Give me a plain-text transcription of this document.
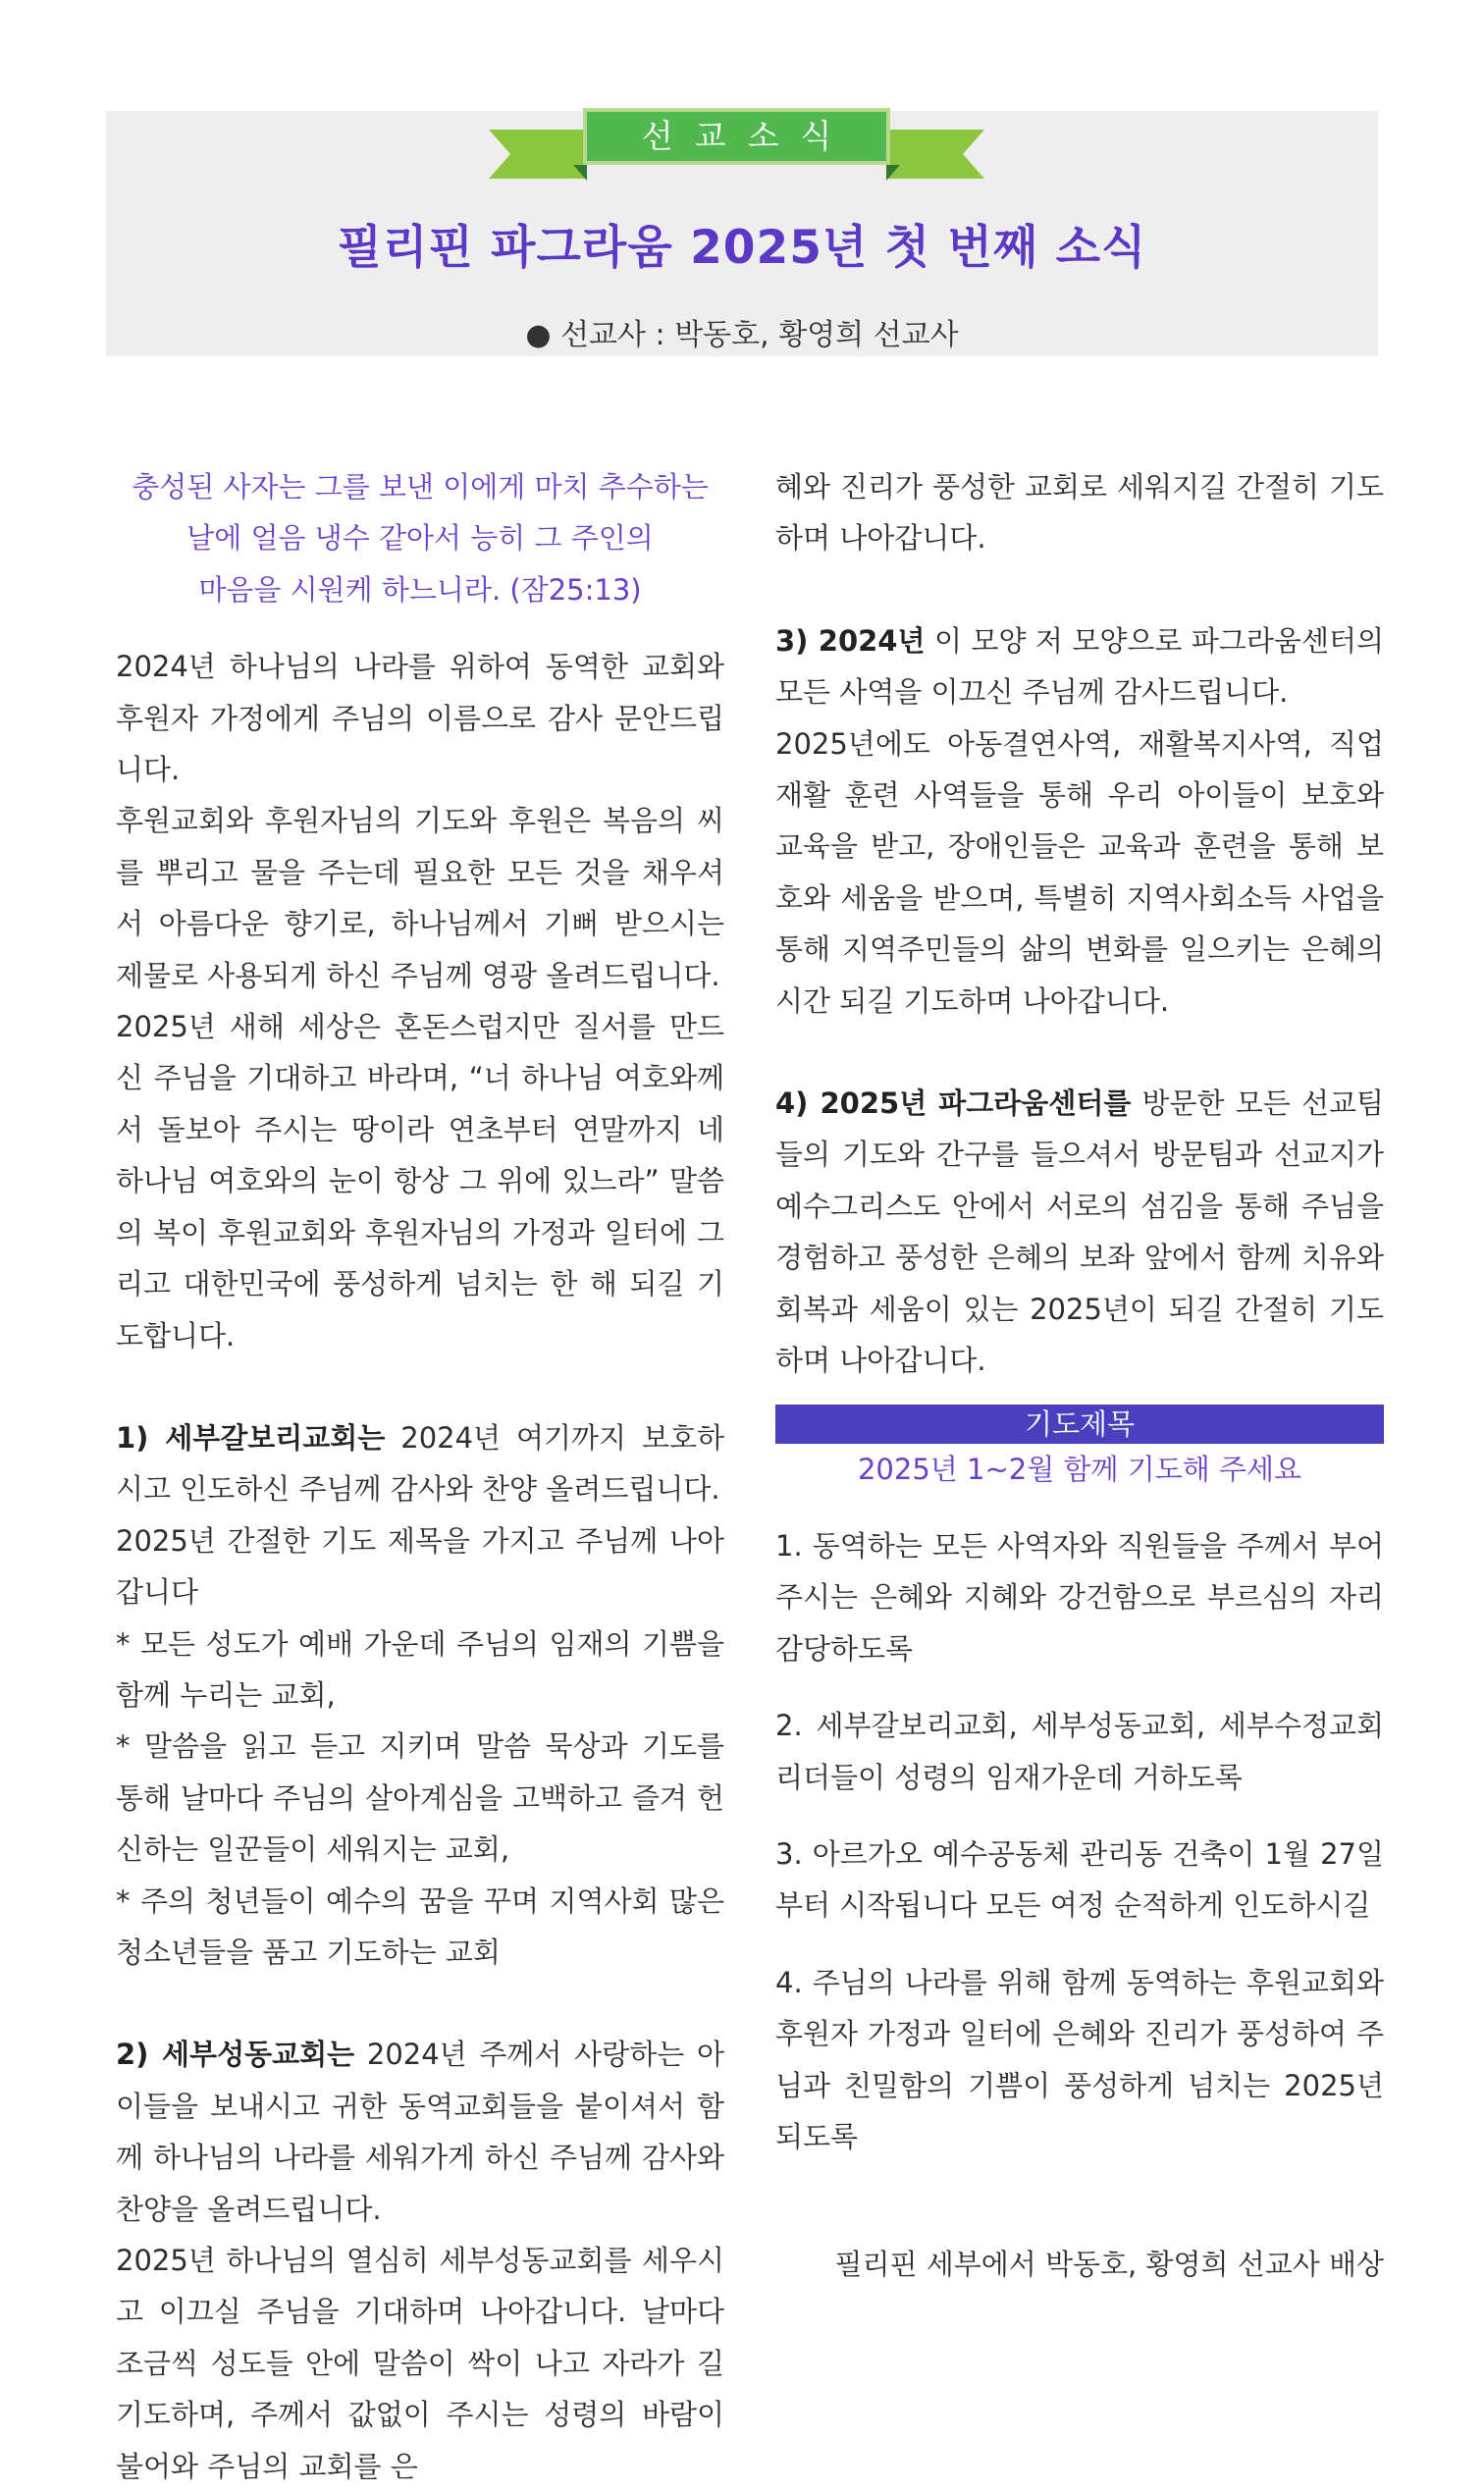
선교소식
필리핀 파그라움 2025년 첫 번째 소식
● 선교사 : 박동호, 황영희 선교사

충성된 사자는 그를 보낸 이에게 마치 추수하는
날에 얼음 냉수 같아서 능히 그 주인의
마음을 시원케 하느니라. (잠25:13)

2024년 하나님의 나라를 위하여 동역한 교회와 후원자 가정에게 주님의 이름으로 감사 문안드립니다.
후원교회와 후원자님의 기도와 후원은 복음의 씨를 뿌리고 물을 주는데 필요한 모든 것을 채우셔서 아름다운 향기로, 하나님께서 기뻐 받으시는 제물로 사용되게 하신 주님께 영광 올려드립니다.
2025년 새해 세상은 혼돈스럽지만 질서를 만드신 주님을 기대하고 바라며, “너 하나님 여호와께서 돌보아 주시는 땅이라 연초부터 연말까지 네 하나님 여호와의 눈이 항상 그 위에 있느라” 말씀의 복이 후원교회와 후원자님의 가정과 일터에 그리고 대한민국에 풍성하게 넘치는 한 해 되길 기도합니다.

1) 세부갈보리교회는 2024년 여기까지 보호하시고 인도하신 주님께 감사와 찬양 올려드립니다.
2025년 간절한 기도 제목을 가지고 주님께 나아갑니다
* 모든 성도가 예배 가운데 주님의 임재의 기쁨을 함께 누리는 교회,
* 말씀을 읽고 듣고 지키며 말씀 묵상과 기도를 통해 날마다 주님의 살아계심을 고백하고 즐겨 헌신하는 일꾼들이 세워지는 교회,
* 주의 청년들이 예수의 꿈을 꾸며 지역사회 많은 청소년들을 품고 기도하는 교회

2) 세부성동교회는 2024년 주께서 사랑하는 아이들을 보내시고 귀한 동역교회들을 붙이셔서 함께 하나님의 나라를 세워가게 하신 주님께 감사와 찬양을 올려드립니다.
2025년 하나님의 열심히 세부성동교회를 세우시고 이끄실 주님을 기대하며 나아갑니다. 날마다 조금씩 성도들 안에 말씀이 싹이 나고 자라가 길 기도하며, 주께서 값없이 주시는 성령의 바람이 불어와 주님의 교회를 은

혜와 진리가 풍성한 교회로 세워지길 간절히 기도하며 나아갑니다.

3) 2024년 이 모양 저 모양으로 파그라움센터의 모든 사역을 이끄신 주님께 감사드립니다.
2025년에도 아동결연사역, 재활복지사역, 직업재활 훈련 사역들을 통해 우리 아이들이 보호와 교육을 받고, 장애인들은 교육과 훈련을 통해 보호와 세움을 받으며, 특별히 지역사회소득 사업을 통해 지역주민들의 삶의 변화를 일으키는 은혜의 시간 되길 기도하며 나아갑니다.

4) 2025년 파그라움센터를 방문한 모든 선교팀들의 기도와 간구를 들으셔서 방문팀과 선교지가 예수그리스도 안에서 서로의 섬김을 통해 주님을 경험하고 풍성한 은혜의 보좌 앞에서 함께 치유와 회복과 세움이 있는 2025년이 되길 간절히 기도하며 나아갑니다.

기도제목

2025년 1~2월 함께 기도해 주세요

1. 동역하는 모든 사역자와 직원들을 주께서 부어주시는 은혜와 지혜와 강건함으로 부르심의 자리감당하도록

2. 세부갈보리교회, 세부성동교회, 세부수정교회 리더들이 성령의 임재가운데 거하도록

3. 아르가오 예수공동체 관리동 건축이 1월 27일부터 시작됩니다 모든 여정 순적하게 인도하시길

4. 주님의 나라를 위해 함께 동역하는 후원교회와 후원자 가정과 일터에 은혜와 진리가 풍성하여 주님과 친밀함의 기쁨이 풍성하게 넘치는 2025년 되도록

필리핀 세부에서 박동호, 황영희 선교사 배상
